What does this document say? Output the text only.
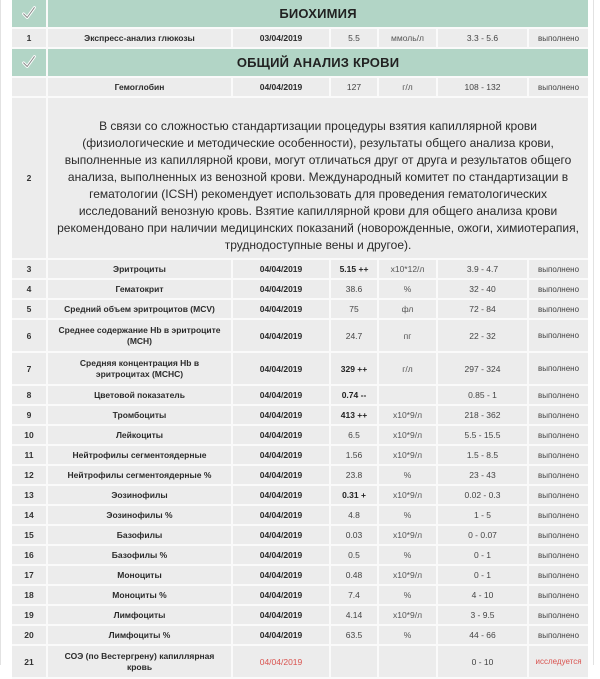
	БИОХИМИЯ					
1	Экспресс-анализ глюкозы	03/04/2019	5.5	ммоль/л	3.3 - 5.6	выполнено
	ОБЩИЙ АНАЛИЗ КРОВИ					
	Гемоглобин	04/04/2019	127	г/л	108 - 132	выполнено
2	В связи со сложностью стандартизации процедуры взятия капиллярной крови (физиологические и методические особенности), результаты общего анализа крови, выполненные из капиллярной крови, могут отличаться друг от друга и результатов общего анализа, выполненных из венозной крови. Международный комитет по стандартизации в гематологии (ICSH) рекомендует использовать для проведения гематологических исследований венозную кровь. Взятие капиллярной крови для общего анализа крови рекомендовано при наличии медицинских показаний (новорожденные, ожоги, химиотерапия, труднодоступные вены и другое).					
3	Эритроциты	04/04/2019	5.15 ++	x10*12/л	3.9 - 4.7	выполнено
4	Гематокрит	04/04/2019	38.6	%	32 - 40	выполнено
5	Средний объем эритроцитов (MCV)	04/04/2019	75	фл	72 - 84	выполнено
6	Среднее содержание Hb в эритроците (MCH)	04/04/2019	24.7	пг	22 - 32	выполнено
7	Средняя концентрация Hb в эритроцитах (MCHC)	04/04/2019	329 ++	г/л	297 - 324	выполнено
8	Цветовой показатель	04/04/2019	0.74 --		0.85 - 1	выполнено
9	Тромбоциты	04/04/2019	413 ++	x10*9/л	218 - 362	выполнено
10	Лейкоциты	04/04/2019	6.5	x10*9/л	5.5 - 15.5	выполнено
11	Нейтрофилы сегментоядерные	04/04/2019	1.56	x10*9/л	1.5 - 8.5	выполнено
12	Нейтрофилы сегментоядерные %	04/04/2019	23.8	%	23 - 43	выполнено
13	Эозинофилы	04/04/2019	0.31 +	x10*9/л	0.02 - 0.3	выполнено
14	Эозинофилы %	04/04/2019	4.8	%	1 - 5	выполнено
15	Базофилы	04/04/2019	0.03	x10*9/л	0 - 0.07	выполнено
16	Базофилы %	04/04/2019	0.5	%	0 - 1	выполнено
17	Моноциты	04/04/2019	0.48	x10*9/л	0 - 1	выполнено
18	Моноциты %	04/04/2019	7.4	%	4 - 10	выполнено
19	Лимфоциты	04/04/2019	4.14	x10*9/л	3 - 9.5	выполнено
20	Лимфоциты %	04/04/2019	63.5	%	44 - 66	выполнено
21	СОЭ (по Вестергрену) капиллярная кровь	04/04/2019			0 - 10	исследуется
